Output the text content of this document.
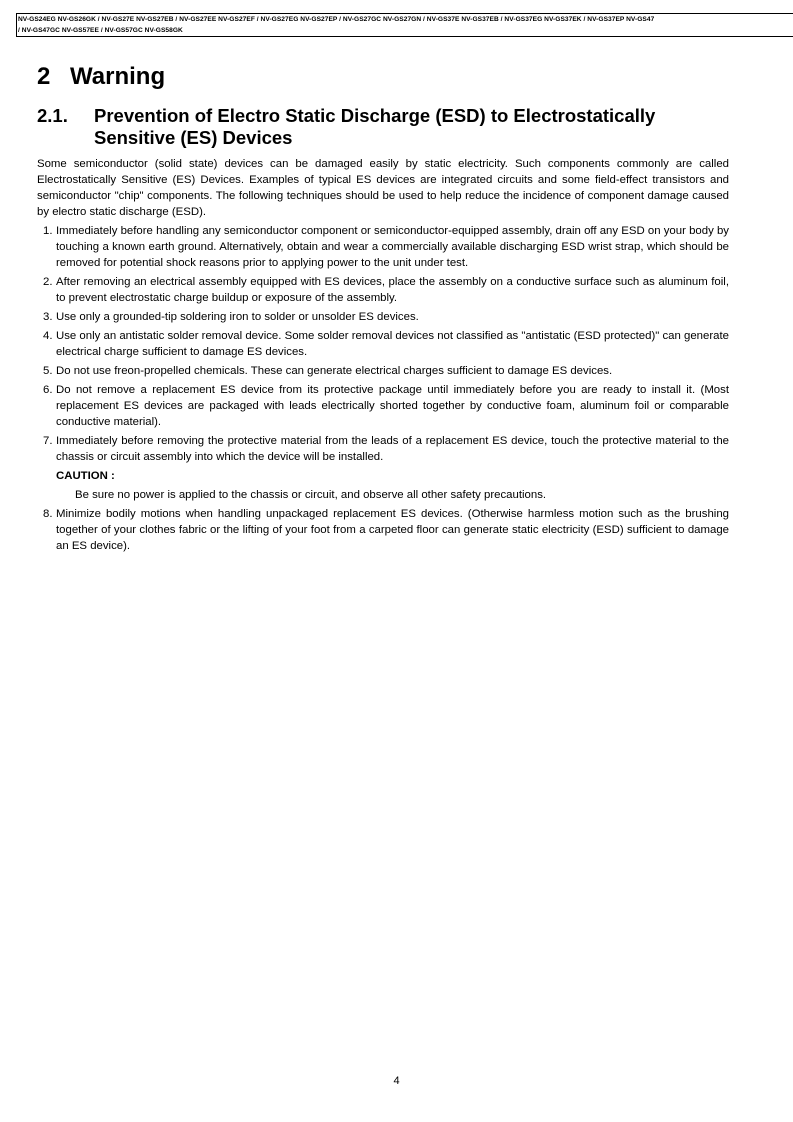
NV-GS24EG NV-GS26GK / NV-GS27E NV-GS27EB / NV-GS27EE NV-GS27EF / NV-GS27EG NV-GS27EP / NV-GS27GC NV-GS27GN / NV-GS37E NV-GS37EB / NV-GS37EG NV-GS37EK / NV-GS37EP NV-GS47
/ NV-GS47GC NV-GS57EE / NV-GS57GC NV-GS58GK
2 Warning
2.1. Prevention of Electro Static Discharge (ESD) to Electrostatically Sensitive (ES) Devices

Some semiconductor (solid state) devices can be damaged easily by static electricity. Such components commonly are called Electrostatically Sensitive (ES) Devices. Examples of typical ES devices are integrated circuits and some field-effect transistors and semiconductor "chip" components. The following techniques should be used to help reduce the incidence of component damage caused by electro static discharge (ESD).

1. Immediately before handling any semiconductor component or semiconductor-equipped assembly, drain off any ESD on your body by touching a known earth ground. Alternatively, obtain and wear a commercially available discharging ESD wrist strap, which should be removed for potential shock reasons prior to applying power to the unit under test.
2. After removing an electrical assembly equipped with ES devices, place the assembly on a conductive surface such as aluminum foil, to prevent electrostatic charge buildup or exposure of the assembly.
3. Use only a grounded-tip soldering iron to solder or unsolder ES devices.
4. Use only an antistatic solder removal device. Some solder removal devices not classified as "antistatic (ESD protected)" can generate electrical charge sufficient to damage ES devices.
5. Do not use freon-propelled chemicals. These can generate electrical charges sufficient to damage ES devices.
6. Do not remove a replacement ES device from its protective package until immediately before you are ready to install it. (Most replacement ES devices are packaged with leads electrically shorted together by conductive foam, aluminum foil or comparable conductive material).
7. Immediately before removing the protective material from the leads of a replacement ES device, touch the protective material to the chassis or circuit assembly into which the device will be installed.
CAUTION :
Be sure no power is applied to the chassis or circuit, and observe all other safety precautions.
8. Minimize bodily motions when handling unpackaged replacement ES devices. (Otherwise harmless motion such as the brushing together of your clothes fabric or the lifting of your foot from a carpeted floor can generate static electricity (ESD) sufficient to damage an ES device).
4
